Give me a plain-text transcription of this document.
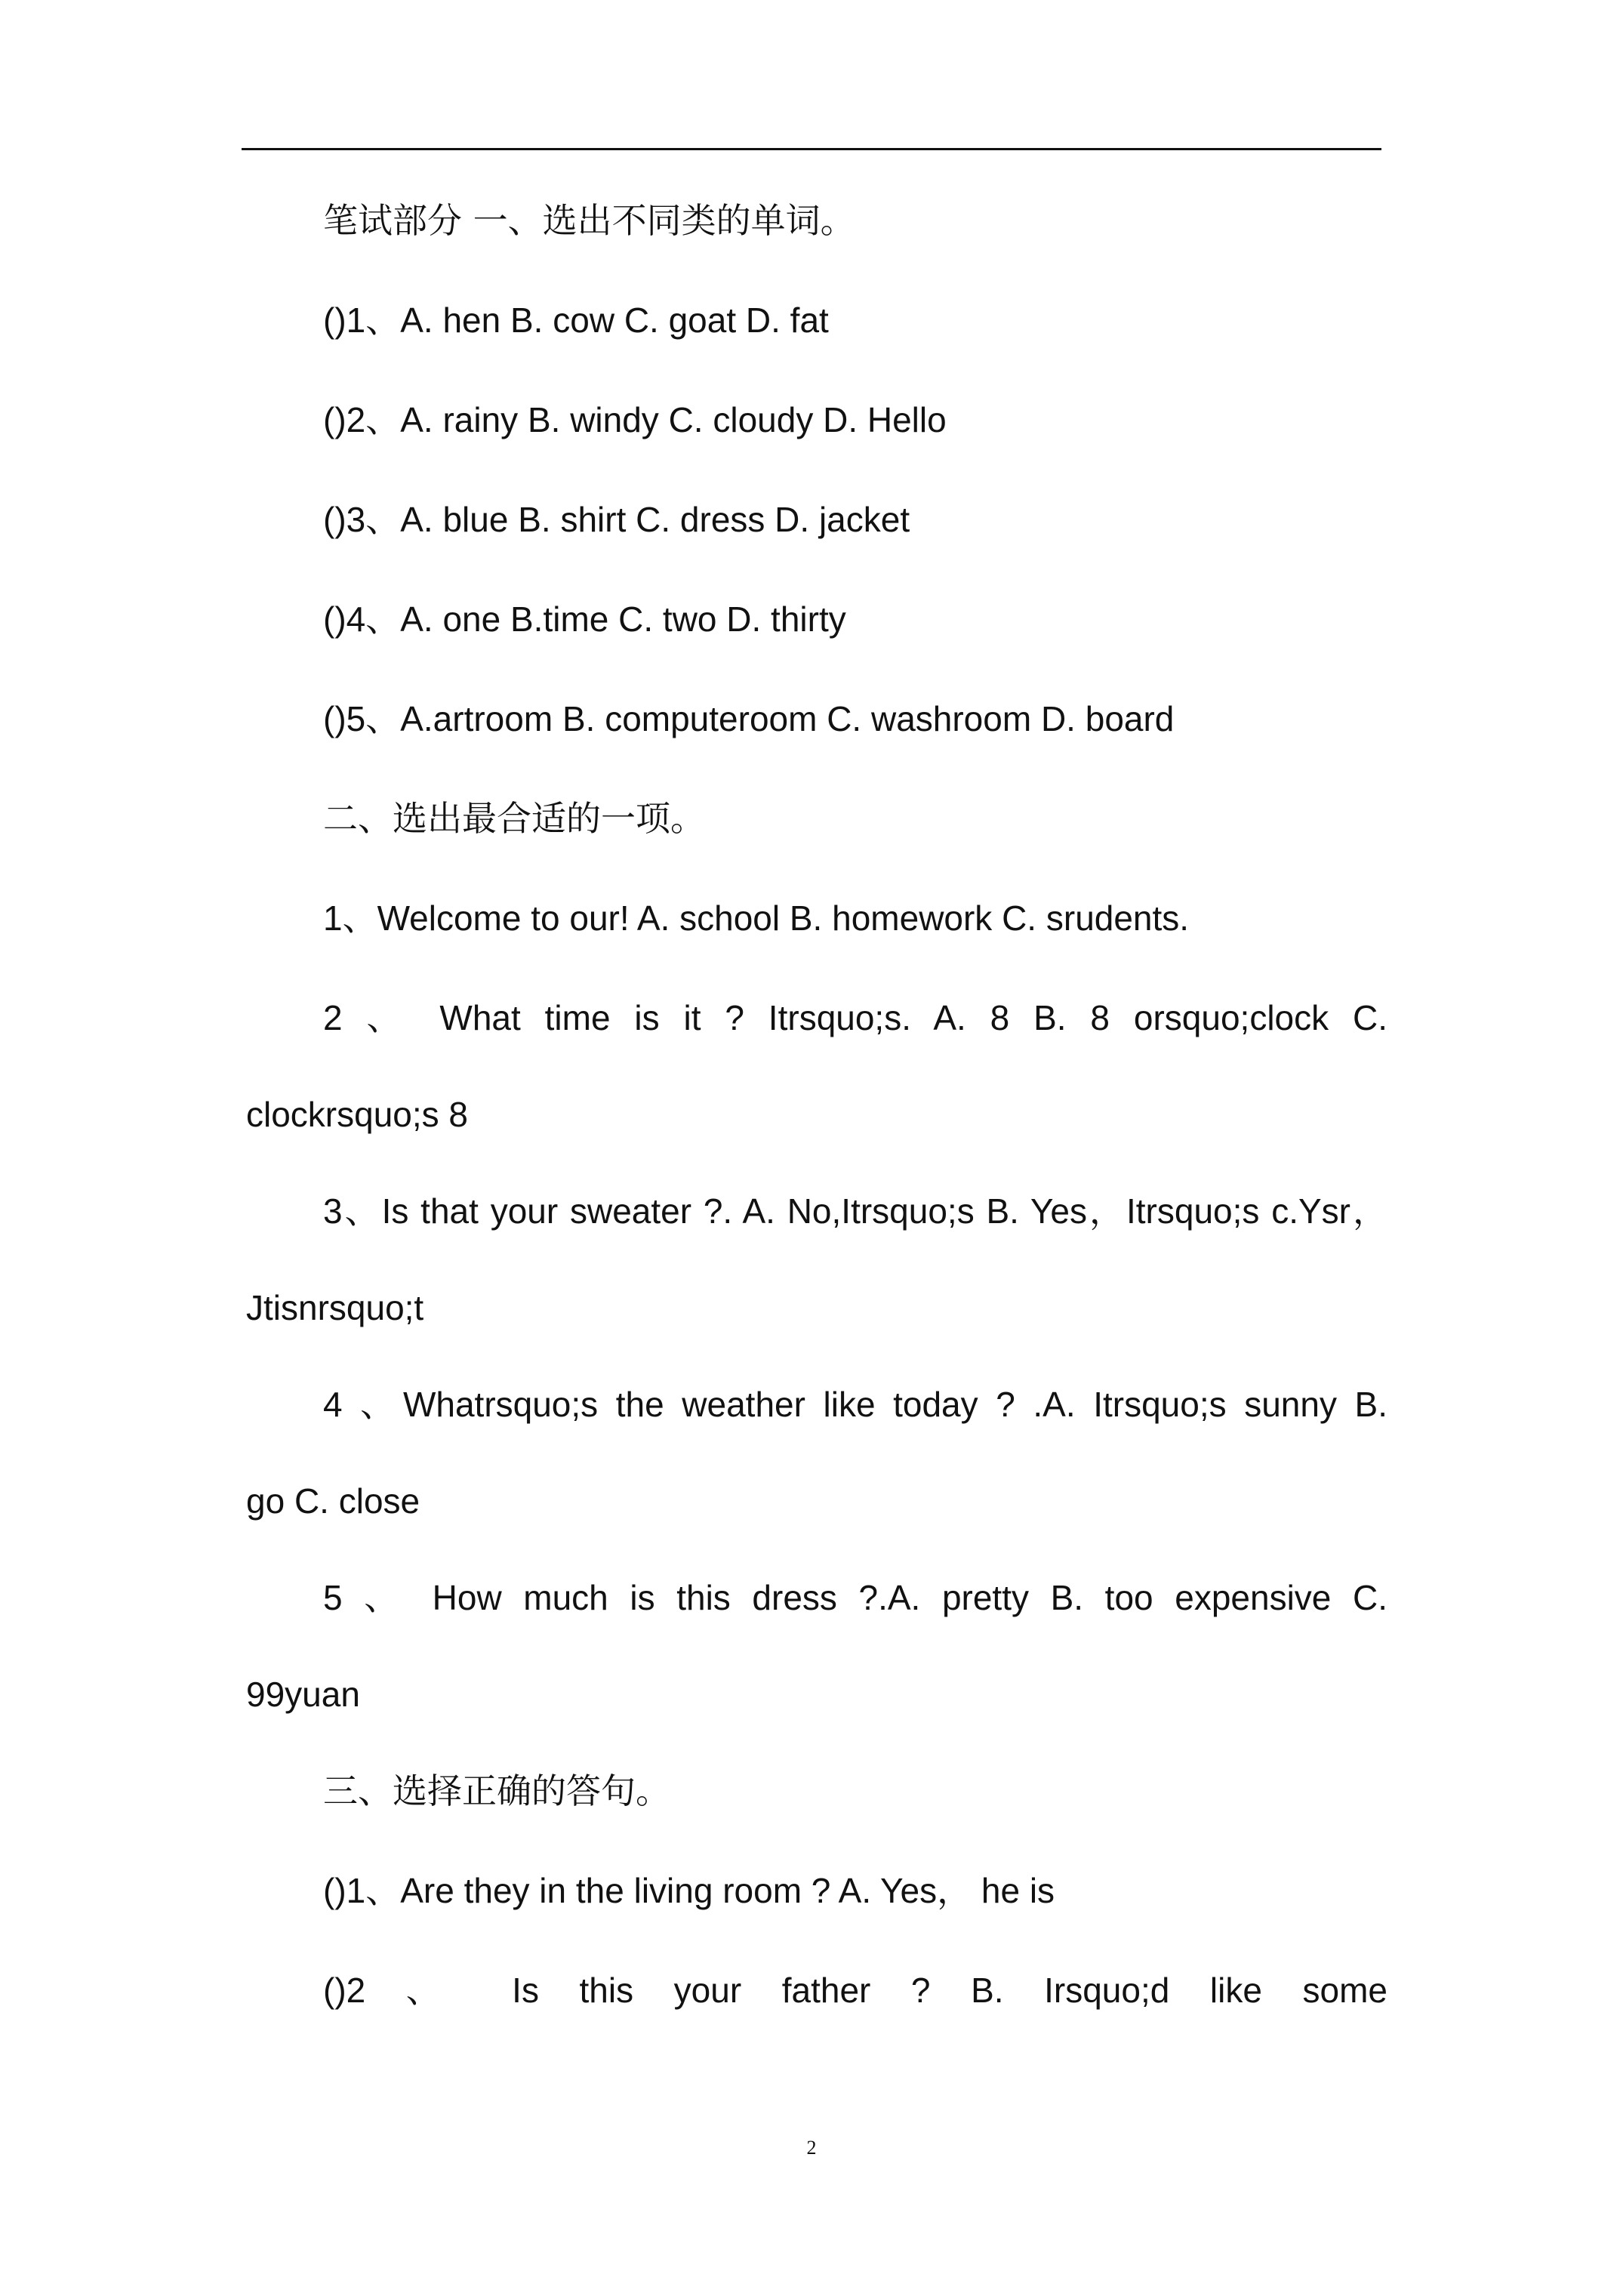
笔试部分 一、选出不同类的单词。
()1、A. hen B. cow C. goat D. fat
()2、A. rainy B. windy C. cloudy D. Hello
()3、A. blue B. shirt C. dress D. jacket
()4、A. one B.time C. two D. thirty
()5、A.artroom B. computeroom C. washroom D. board
二、选出最合适的一项。
1、Welcome to our! A. school B. homework C. srudents.
2 、 What time is it ? Itrsquo;s. A. 8 B. 8 orsquo;clock C.
clockrsquo;s 8
3、Is that your sweater ?. A. No,Itrsquo;s B. Yes，Itrsquo;s c.Ysr，
Jtisnrsquo;t
4 、Whatrsquo;s the weather like today ? .A. Itrsquo;s sunny B.
go C. close
5 、 How much is this dress ?.A. pretty B. too expensive C.
99yuan
三、选择正确的答句。
()1、Are they in the living room ? A. Yes， he is
()2 、 Is this your father ? B. Irsquo;d like some
2
